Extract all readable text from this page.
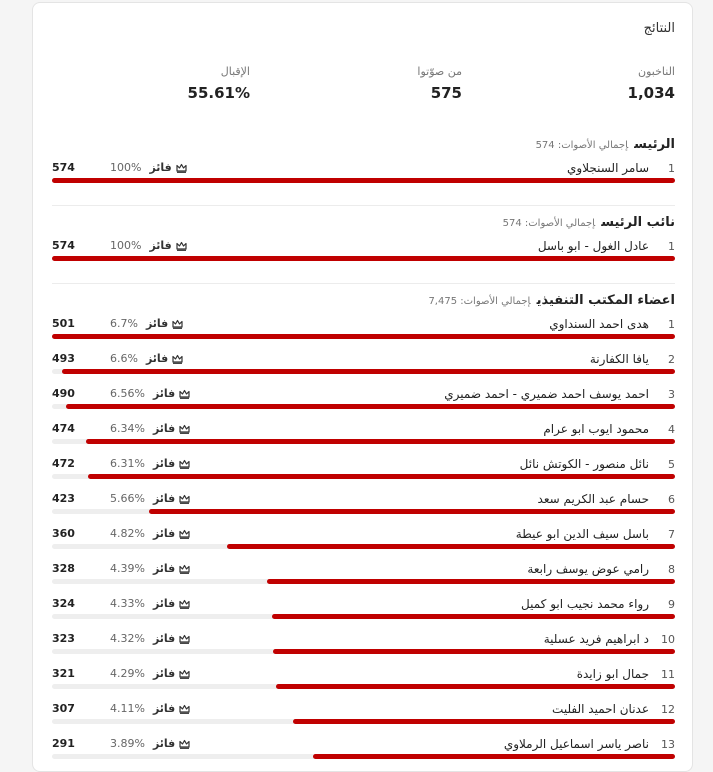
النتائج
الناخبون
1,034
من صوّتوا
575
الإقبال
55.61%
الرئيسإجمالي الأصوات: 574
1
سامر السنجلاوي
100% فائز
574
نائب الرئيسإجمالي الأصوات: 574
1
عادل الغول - ابو باسل
100% فائز
574
اعضاء المكتب التنفيذيإجمالي الأصوات: 7,475
1
هدى احمد السنداوي
6.7% فائز
501
2
يافا الكفارنة
6.6% فائز
493
3
احمد يوسف احمد ضميري - احمد ضميري
6.56% فائز
490
4
محمود ايوب ابو عرام
6.34% فائز
474
5
نائل منصور - الكوتش نائل
6.31% فائز
472
6
حسام عبد الكريم سعد
5.66% فائز
423
7
باسل سيف الدين ابو عيطة
4.82% فائز
360
8
رامي عوض يوسف رابعة
4.39% فائز
328
9
رواء محمد نجيب ابو كميل
4.33% فائز
324
10
د ابراهيم فريد عسلية
4.32% فائز
323
11
جمال ابو زايدة
4.29% فائز
321
12
عدنان احميد الفليت
4.11% فائز
307
13
ناصر ياسر اسماعيل الرملاوي
3.89% فائز
291
